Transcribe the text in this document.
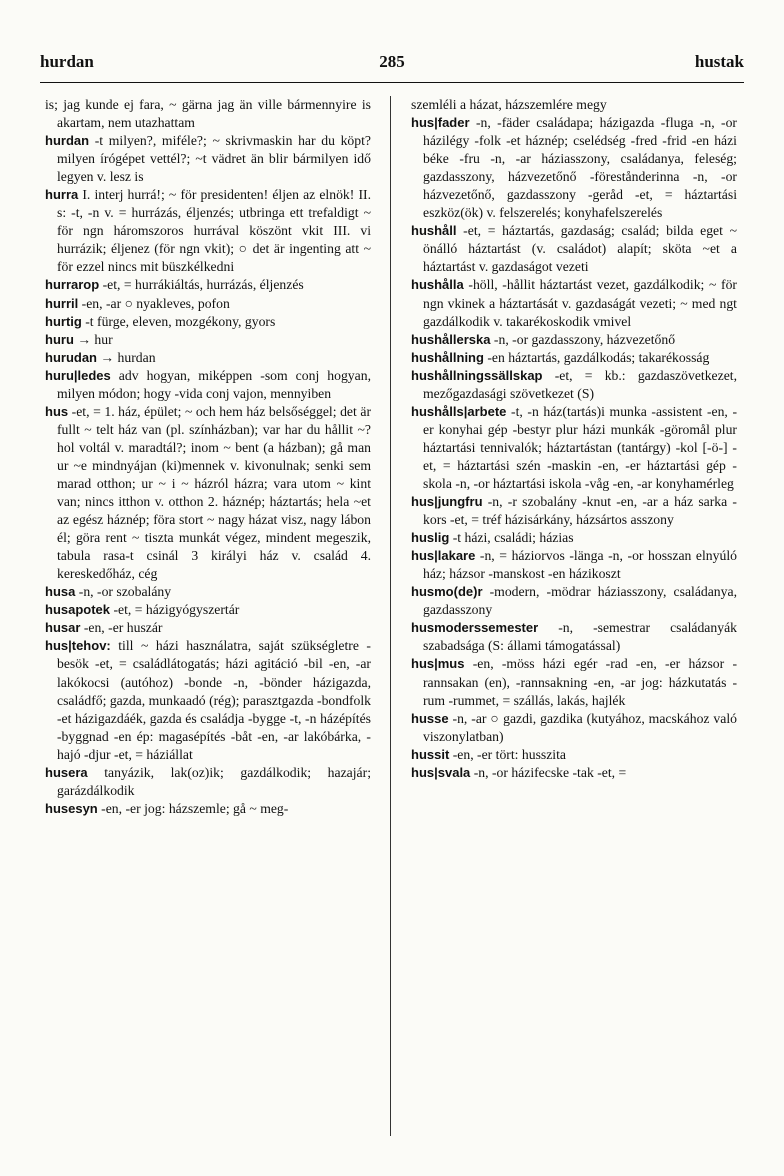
hurdan	285	hustak

is; jag kunde ej fara, ~ gärna jag än ville bármennyire is akartam, nem utazhattam

hurdan -t milyen?, miféle?; ~ skrivmaskin har du köpt? milyen írógépet vettél?; ~t vädret än blir bármilyen idő legyen v. lesz is

hurra I. interj hurrá!; ~ för presidenten! éljen az elnök! II. s: -t, -n v. = hurrázás, éljenzés; utbringa ett trefaldigt ~ för ngn háromszoros hurrával köszönt vkit III. vi hurrázik; éljenez (för ngn vkit); ○ det är ingenting att ~ för ezzel nincs mit büszkélkedni

hurrarop -et, = hurrákiáltás, hurrázás, éljenzés

hurril -en, -ar ○ nyakleves, pofon

hurtig -t fürge, eleven, mozgékony, gyors

huru → hur

hurudan → hurdan

huru|ledes adv hogyan, miképpen -som conj hogyan, milyen módon; hogy -vida conj vajon, mennyiben

hus -et, = 1. ház, épület; ~ och hem ház belsőséggel; det är fullt ~ telt ház van (pl. színházban); var har du hållit ~? hol voltál v. maradtál?; inom ~ bent (a házban); gå man ur ~e mindnyájan (ki)mennek v. kivonulnak; senki sem marad otthon; ur ~ i ~ házról házra; vara utom ~ kint van; nincs itthon v. otthon 2. háznép; háztartás; hela ~et az egész háznép; föra stort ~ nagy házat visz, nagy lábon él; göra rent ~ tiszta munkát végez, mindent megeszik, tabula rasa-t csinál 3 királyi ház v. család 4. kereskedőház, cég

husa -n, -or szobalány

husapotek -et, = házigyógyszertár

husar -en, -er huszár

hus|tehov: till ~ házi használatra, saját szükségletre -besök -et, = családlátogatás; házi agitáció -bil -en, -ar lakókocsi (autóhoz) -bonde -n, -bönder házigazda, családfő; gazda, munkaadó (rég); parasztgazda -bondfolk -et házigazdáék, gazda és családja -bygge -t, -n házépítés -byggnad -en ép: magasépítés -båt -en, -ar lakóbárka, -hajó -djur -et, = háziállat

husera tanyázik, lak(oz)ik; gazdálkodik; hazajár; garázdálkodik

husesyn -en, -er jog: házszemle; gå ~ meg-

szemléli a házat, házszemlére megy

hus|fader -n, -fäder családapa; házigazda -fluga -n, -or házilégy -folk -et háznép; cselédség -fred -frid -en házi béke -fru -n, -ar háziasszony, családanya, feleség; gazdasszony, házvezetőnő -förestånderinna -n, -or házvezetőnő, gazdasszony -geråd -et, = háztartási eszköz(ök) v. felszerelés; konyhafelszerelés

hushåll -et, = háztartás, gazdaság; család; bilda eget ~ önálló háztartást (v. családot) alapít; sköta ~et a háztartást v. gazdaságot vezeti

hushålla -höll, -hållit háztartást vezet, gazdálkodik; ~ för ngn vkinek a háztartását v. gazdaságát vezeti; ~ med ngt gazdálkodik v. takarékoskodik vmivel

hushållerska -n, -or gazdasszony, házvezetőnő

hushållning -en háztartás, gazdálkodás; takarékosság

hushållningssällskap -et, = kb.: gazdaszövetkezet, mezőgazdasági szövetkezet (S)

hushålls|arbete -t, -n ház(tartás)i munka -assistent -en, -er konyhai gép -bestyr plur házi munkák -göromål plur háztartási tennivalók; háztartástan (tantárgy) -kol [-ö-] -et, = háztartási szén -maskin -en, -er háztartási gép -skola -n, -or háztartási iskola -våg -en, -ar konyhamérleg

hus|jungfru -n, -r szobalány -knut -en, -ar a ház sarka -kors -et, = tréf házisárkány, házsártos asszony

huslig -t házi, családi; házias

hus|lakare -n, = háziorvos -länga -n, -or hosszan elnyúló ház; házsor -manskost -en házikoszt

husmo(de)r -modern, -mödrar háziasszony, családanya, gazdasszony

husmoderssemester -n, -semestrar családanyák szabadsága (S: állami támogatással)

hus|mus -en, -möss házi egér -rad -en, -er házsor -rannsakan (en), -rannsakning -en, -ar jog: házkutatás -rum -rummet, = szállás, lakás, hajlék

husse -n, -ar ○ gazdi, gazdika (kutyához, macskához való viszonylatban)

hussit -en, -er tört: husszita

hus|svala -n, -or házifecske -tak -et, =
